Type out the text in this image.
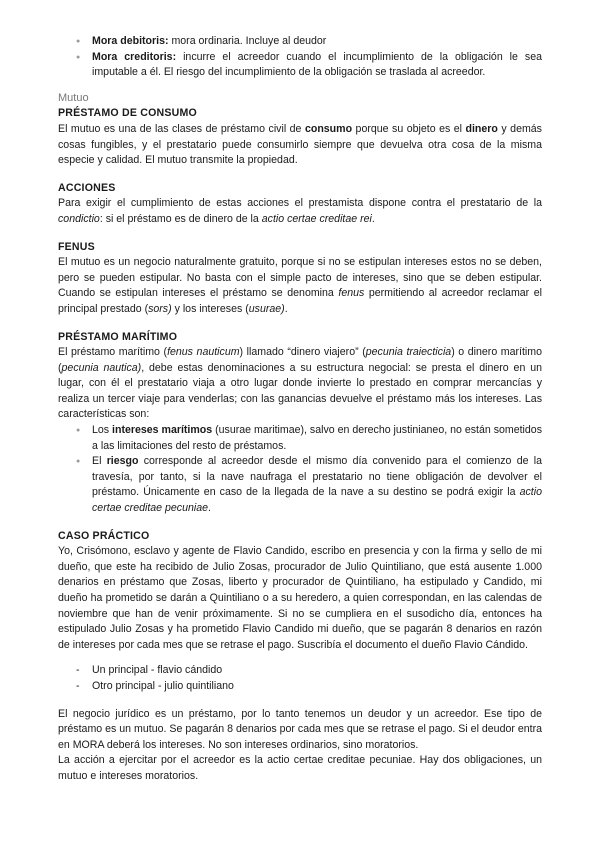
● Mora debitoris: mora ordinaria. Incluye al deudor
● Mora creditoris: incurre el acreedor cuando el incumplimiento de la obligación le sea imputable a él. El riesgo del incumplimiento de la obligación se traslada al acreedor.
Mutuo
PRÉSTAMO DE CONSUMO

El mutuo es una de las clases de préstamo civil de consumo porque su objeto es el dinero y demás cosas fungibles, y el prestatario puede consumirlo siempre que devuelva otra cosa de la misma especie y calidad. El mutuo transmite la propiedad.

ACCIONES

Para exigir el cumplimiento de estas acciones el prestamista dispone contra el prestatario de la condictio: si el préstamo es de dinero de la actio certae creditae rei.

FENUS

El mutuo es un negocio naturalmente gratuito, porque si no se estipulan intereses estos no se deben, pero se pueden estipular. No basta con el simple pacto de intereses, sino que se deben estipular. Cuando se estipulan intereses el préstamo se denomina fenus permitiendo al acreedor reclamar el principal prestado (sors) y los intereses (usurae).

PRÉSTAMO MARÍTIMO

El préstamo marítimo (fenus nauticum) llamado “dinero viajero” (pecunia traiecticia) o dinero marítimo (pecunia nautica), debe estas denominaciones a su estructura negocial: se presta el dinero en un lugar, con él el prestatario viaja a otro lugar donde invierte lo prestado en comprar mercancías y realiza un tercer viaje para venderlas; con las ganancias devuelve el préstamo más los intereses. Las características son:

● Los intereses marítimos (usurae maritimae), salvo en derecho justinianeo, no están sometidos a las limitaciones del resto de préstamos.
● El riesgo corresponde al acreedor desde el mismo día convenido para el comienzo de la travesía, por tanto, si la nave naufraga el prestatario no tiene obligación de devolver el préstamo. Únicamente en caso de la llegada de la nave a su destino se podrá exigir la actio certae creditae pecuniae.
CASO PRÁCTICO

Yo, Crisómono, esclavo y agente de Flavio Candido, escribo en presencia y con la firma y sello de mi dueño, que este ha recibido de Julio Zosas, procurador de Julio Quintiliano, que está ausente 1.000 denarios en préstamo que Zosas, liberto y procurador de Quintiliano, ha estipulado y Candido, mi dueño ha prometido se darán a Quintiliano o a su heredero, a quien correspondan, en las calendas de noviembre que han de venir próximamente. Si no se cumpliera en el susodicho día, entonces ha estipulado Julio Zosas y ha prometido Flavio Candido mi dueño, que se pagarán 8 denarios en razón de intereses por cada mes que se retrase el pago. Suscribía el documento el dueño Flavio Cándido.

- Un principal - flavio cándido
- Otro principal - julio quintiliano

El negocio jurídico es un préstamo, por lo tanto tenemos un deudor y un acreedor. Ese tipo de préstamo es un mutuo. Se pagarán 8 denarios por cada mes que se retrase el pago. Si el deudor entra en MORA deberá los intereses. No son intereses ordinarios, sino moratorios.

La acción a ejercitar por el acreedor es la actio certae creditae pecuniae. Hay dos obligaciones, un mutuo e intereses moratorios.
